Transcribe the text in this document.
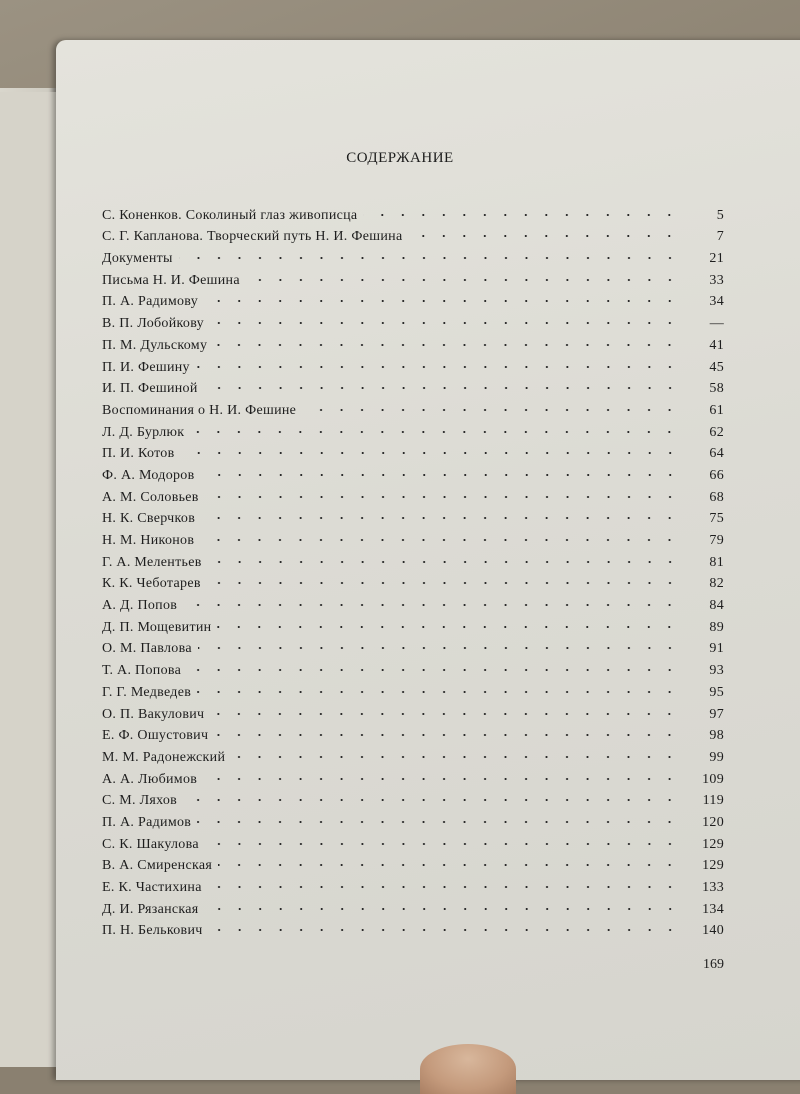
СОДЕРЖАНИЕ
С. Коненков. Соколиный глаз живописца	5
С. Г. Капланова. Творческий путь Н. И. Фешина	7
Документы	21
Письма Н. И. Фешина	33
П. А. Радимову	34
В. П. Лобойкову	—
П. М. Дульскому	41
П. И. Фешину	45
И. П. Фешиной	58
Воспоминания о Н. И. Фешине	61
Л. Д. Бурлюк	62
П. И. Котов	64
Ф. А. Модоров	66
А. М. Соловьев	68
Н. К. Сверчков	75
Н. М. Никонов	79
Г. А. Мелентьев	81
К. К. Чеботарев	82
А. Д. Попов	84
Д. П. Мощевитин	89
О. М. Павлова	91
Т. А. Попова	93
Г. Г. Медведев	95
О. П. Вакулович	97
Е. Ф. Ошустович	98
М. М. Радонежский	99
А. А. Любимов	109
С. М. Ляхов	119
П. А. Радимов	120
С. К. Шакулова	129
В. А. Смиренская	129
Е. К. Частихина	133
Д. И. Рязанская	134
П. Н. Белькович	140
169
